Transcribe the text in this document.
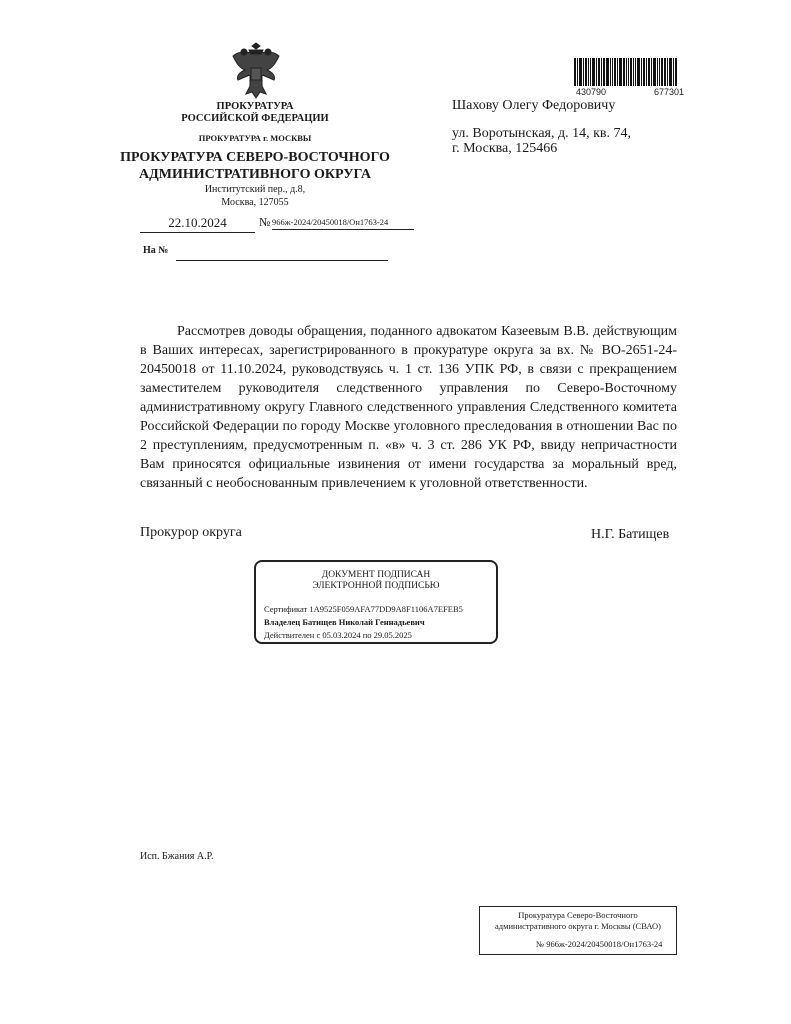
ПРОКУРАТУРА
РОССИЙСКОЙ ФЕДЕРАЦИИ
ПРОКУРАТУРА г. МОСКВЫ
ПРОКУРАТУРА СЕВЕРО-ВОСТОЧНОГО
АДМИНИСТРАТИВНОГО ОКРУГА
Институтский пер., д.8,
Москва, 127055
22.10.2024	№ 966ж-2024/20450018/Он1763-24
На №
430790	677301
Шахову Олегу Федоровичу
ул. Воротынская, д. 14, кв. 74,
г. Москва, 125466

Рассмотрев доводы обращения, поданного адвокатом Казеевым В.В. действующим в Ваших интересах, зарегистрированного в прокуратуре округа за вх. № ВО-2651-24-20450018 от 11.10.2024, руководствуясь ч. 1 ст. 136 УПК РФ, в связи с прекращением заместителем руководителя следственного управления по Северо-Восточному административному округу Главного следственного управления Следственного комитета Российской Федерации по городу Москве уголовного преследования в отношении Вас по 2 преступлениям, предусмотренным п. «в» ч. 3 ст. 286 УК РФ, ввиду непричастности Вам приносятся официальные извинения от имени государства за моральный вред, связанный с необоснованным привлечением к уголовной ответственности.

Прокурор округа	Н.Г. Батищев
ДОКУМЕНТ ПОДПИСАН
ЭЛЕКТРОННОЙ ПОДПИСЬЮ
Сертификат 1А9525F059AFA77DD9A8F1106A7EFEB5
Владелец Батищев Николай Геннадьевич
Действителен с 05.03.2024 по 29.05.2025
Исп. Бжания А.Р.
Прокуратура Северо-Восточного
административного округа г. Москвы (СВАО)
№ 966ж-2024/20450018/Он1763-24
